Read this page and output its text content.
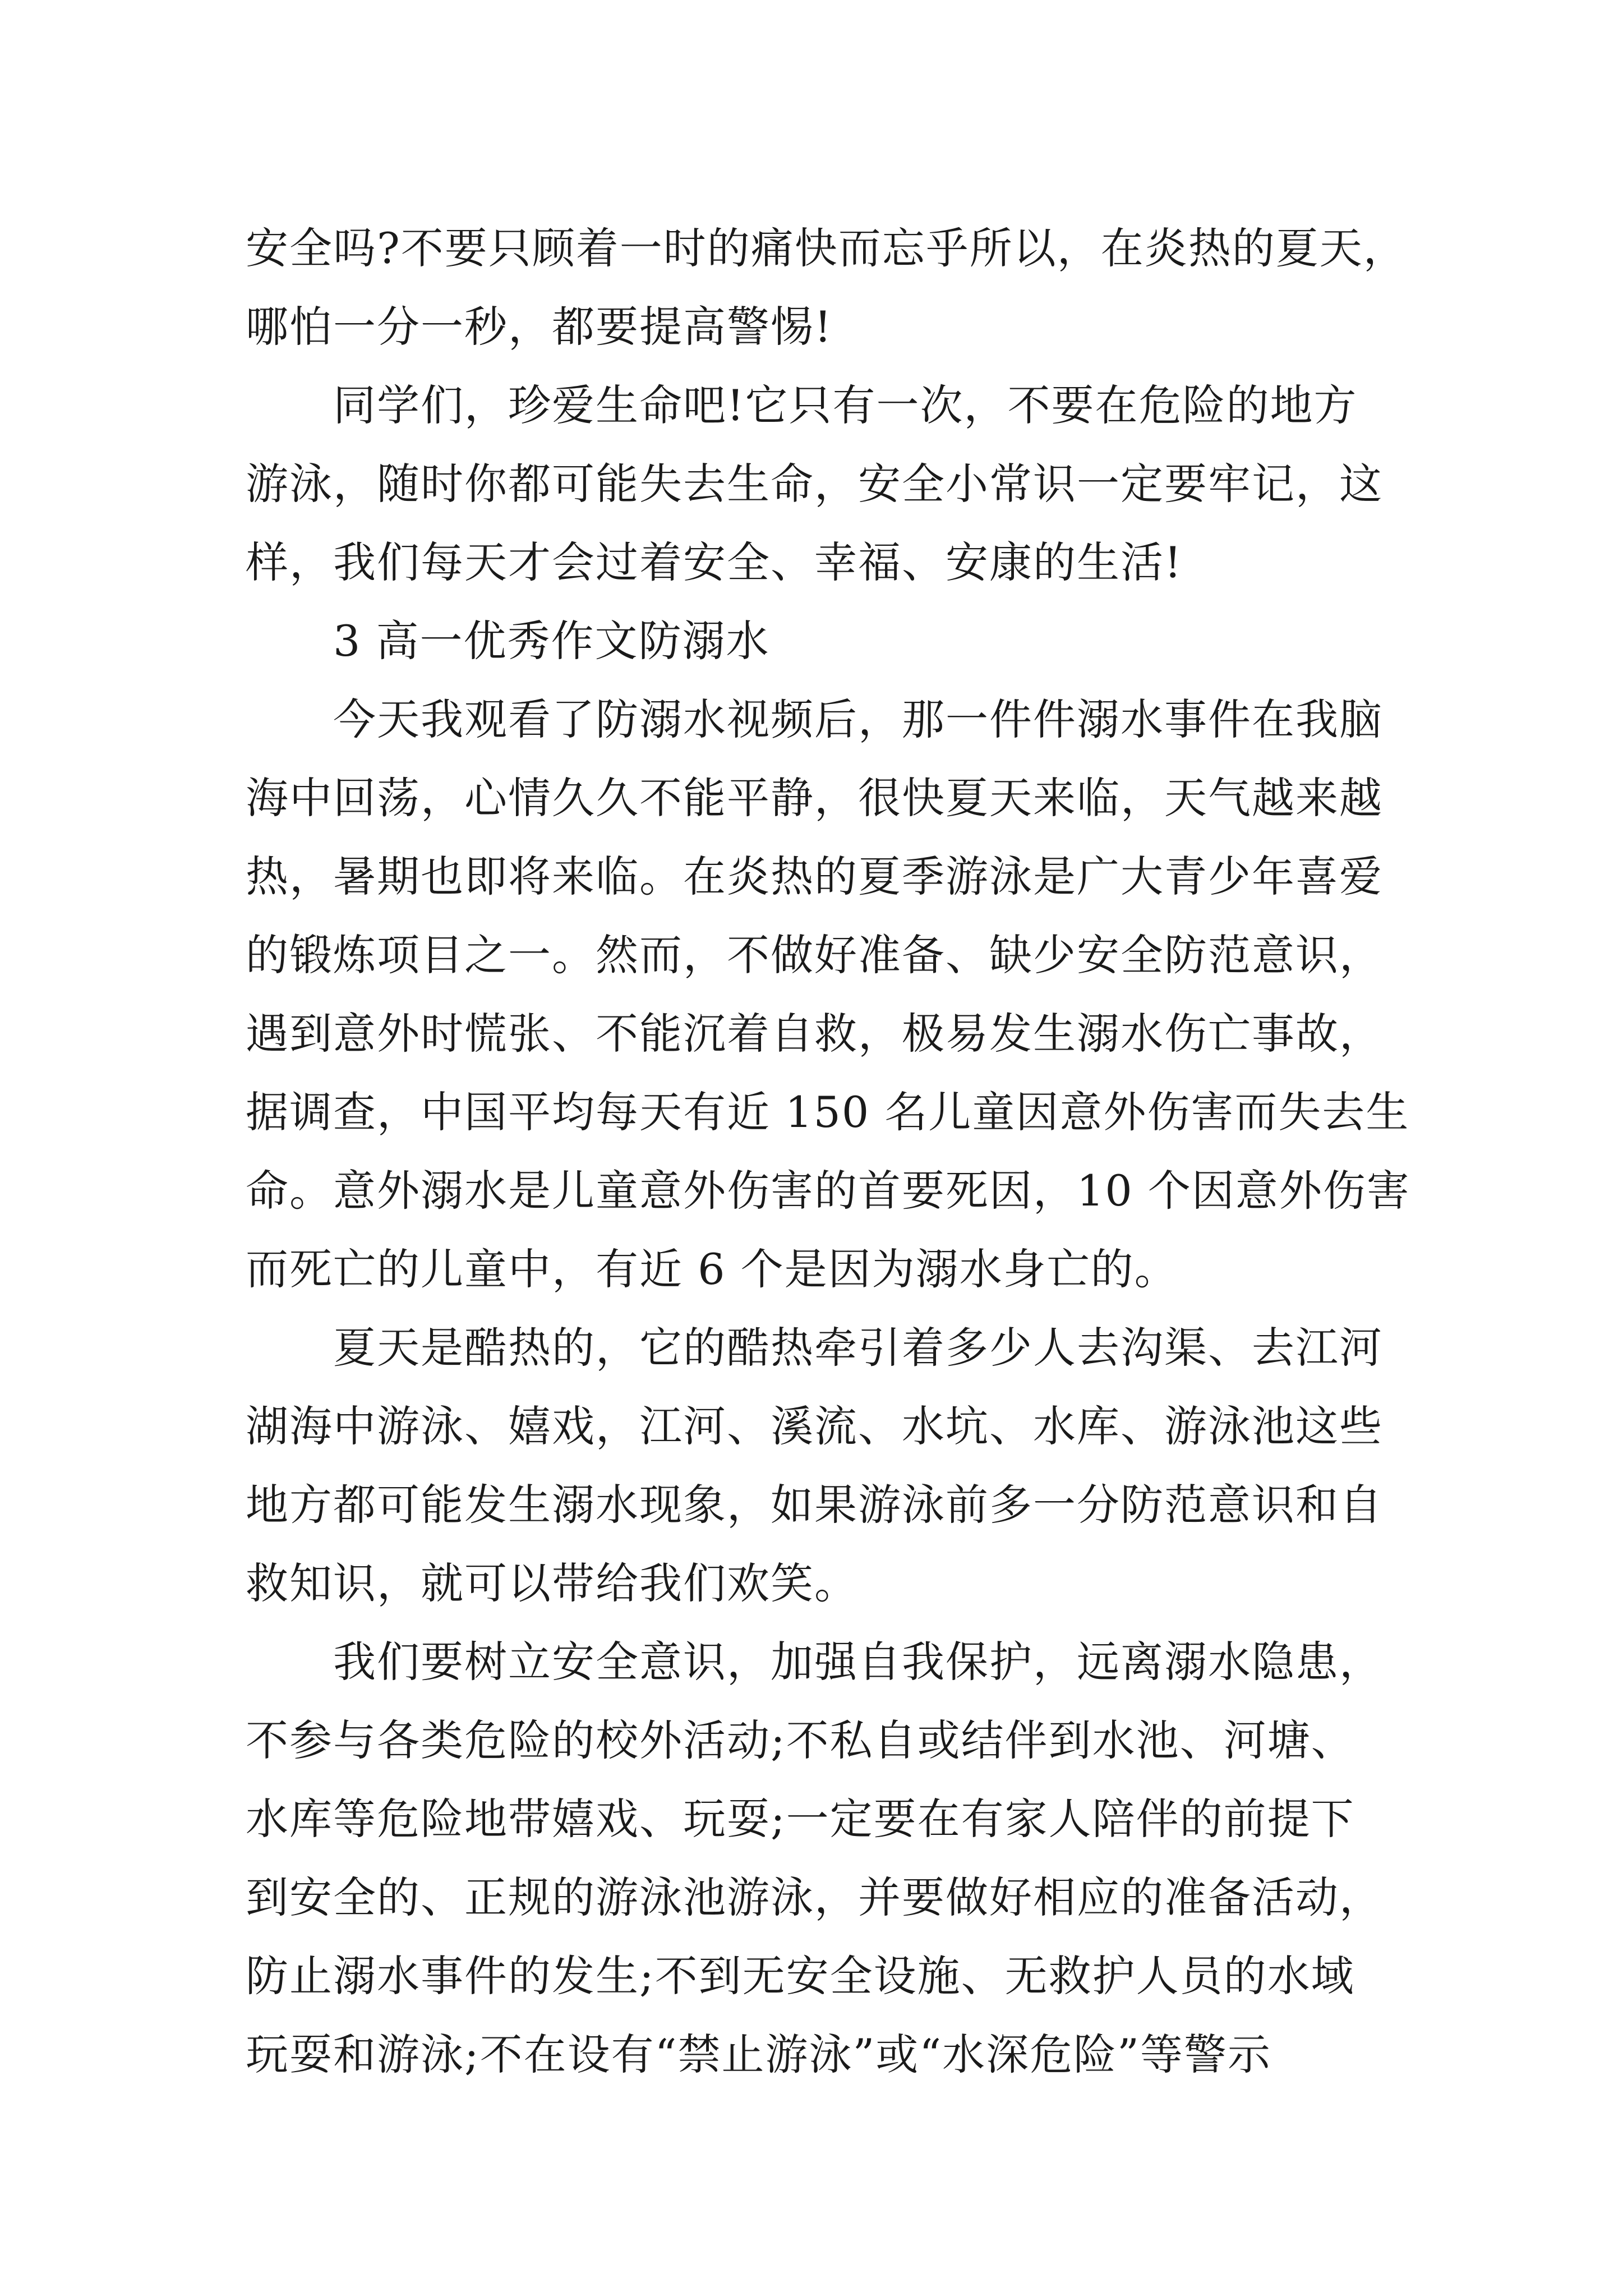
安全吗?不要只顾着一时的痛快而忘乎所以，在炎热的夏天，
哪怕一分一秒，都要提高警惕!
　　同学们，珍爱生命吧!它只有一次，不要在危险的地方
游泳，随时你都可能失去生命，安全小常识一定要牢记，这
样，我们每天才会过着安全、幸福、安康的生活!
　　3 高一优秀作文防溺水
　　今天我观看了防溺水视频后，那一件件溺水事件在我脑
海中回荡，心情久久不能平静，很快夏天来临，天气越来越
热，暑期也即将来临。在炎热的夏季游泳是广大青少年喜爱
的锻炼项目之一。然而，不做好准备、缺少安全防范意识，
遇到意外时慌张、不能沉着自救，极易发生溺水伤亡事故，
据调查，中国平均每天有近 150 名儿童因意外伤害而失去生
命。意外溺水是儿童意外伤害的首要死因，10 个因意外伤害
而死亡的儿童中，有近 6 个是因为溺水身亡的。
　　夏天是酷热的，它的酷热牵引着多少人去沟渠、去江河
湖海中游泳、嬉戏，江河、溪流、水坑、水库、游泳池这些
地方都可能发生溺水现象，如果游泳前多一分防范意识和自
救知识，就可以带给我们欢笑。
　　我们要树立安全意识，加强自我保护，远离溺水隐患，
不参与各类危险的校外活动;不私自或结伴到水池、河塘、
水库等危险地带嬉戏、玩耍;一定要在有家人陪伴的前提下
到安全的、正规的游泳池游泳，并要做好相应的准备活动，
防止溺水事件的发生;不到无安全设施、无救护人员的水域
玩耍和游泳;不在设有“禁止游泳”或“水深危险”等警示
